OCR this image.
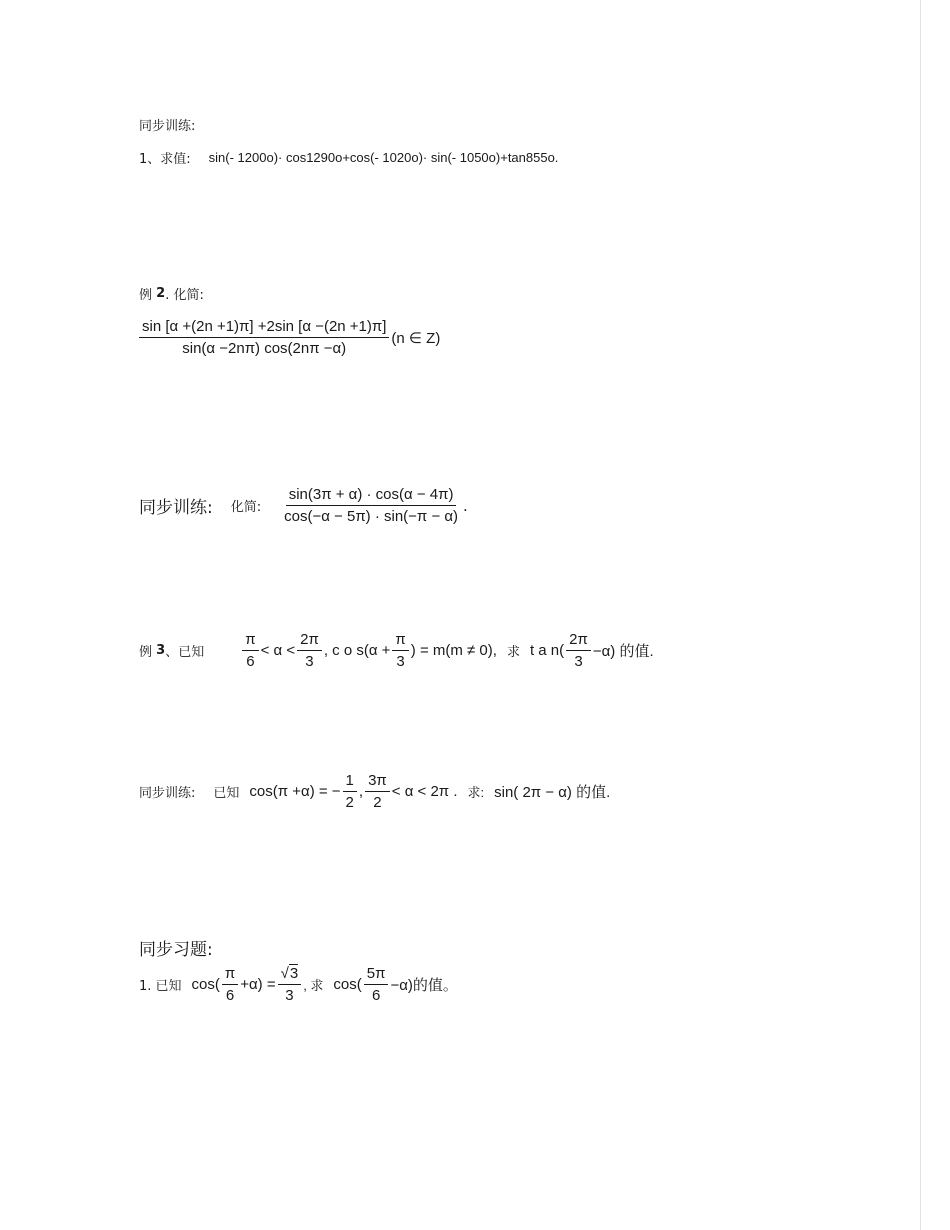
同步训练:
1、求值: sin(- 1200o)· cos1290o+cos(- 1020o)· sin(- 1050o)+tan855o.
例
2 . 化简:
$\frac{\sin [\alpha +(2n +1)\pi] +2\sin [\alpha -(2n +1)\pi]}{\sin(\alpha -2n\pi) \cos(2n\pi -\alpha)} (n$ ∈ Z)
同步训练: 化简: $\frac{\sin(3\pi + \alpha) \cdot \cos(\alpha - 4\pi)}{\cos(-\alpha - 5\pi) \cdot \sin(-\pi - \alpha)}$ .
例
3 、已知	$\frac{\pi}{6} < \alpha < \frac{2\pi}{3}$ , c o $s(\alpha + \frac{\pi}{3}$ ) = m(m ≠ 0), 求 t a $n( \frac{2\pi}{3} -\alpha)$ 的值.
同步训练: 已知 cos(π +α) = − $\frac{1}{2}$ , $\frac{3\pi}{2} < \alpha < 2\pi$ . 求: sin( 2π − α) 的值.
同步习题:
1. 已知 $\cos( \frac{\pi}{6} +\alpha) = \frac{√3}{3}$ , 求 $\cos( \frac{5\pi}{6} -\alpha)$的值。
